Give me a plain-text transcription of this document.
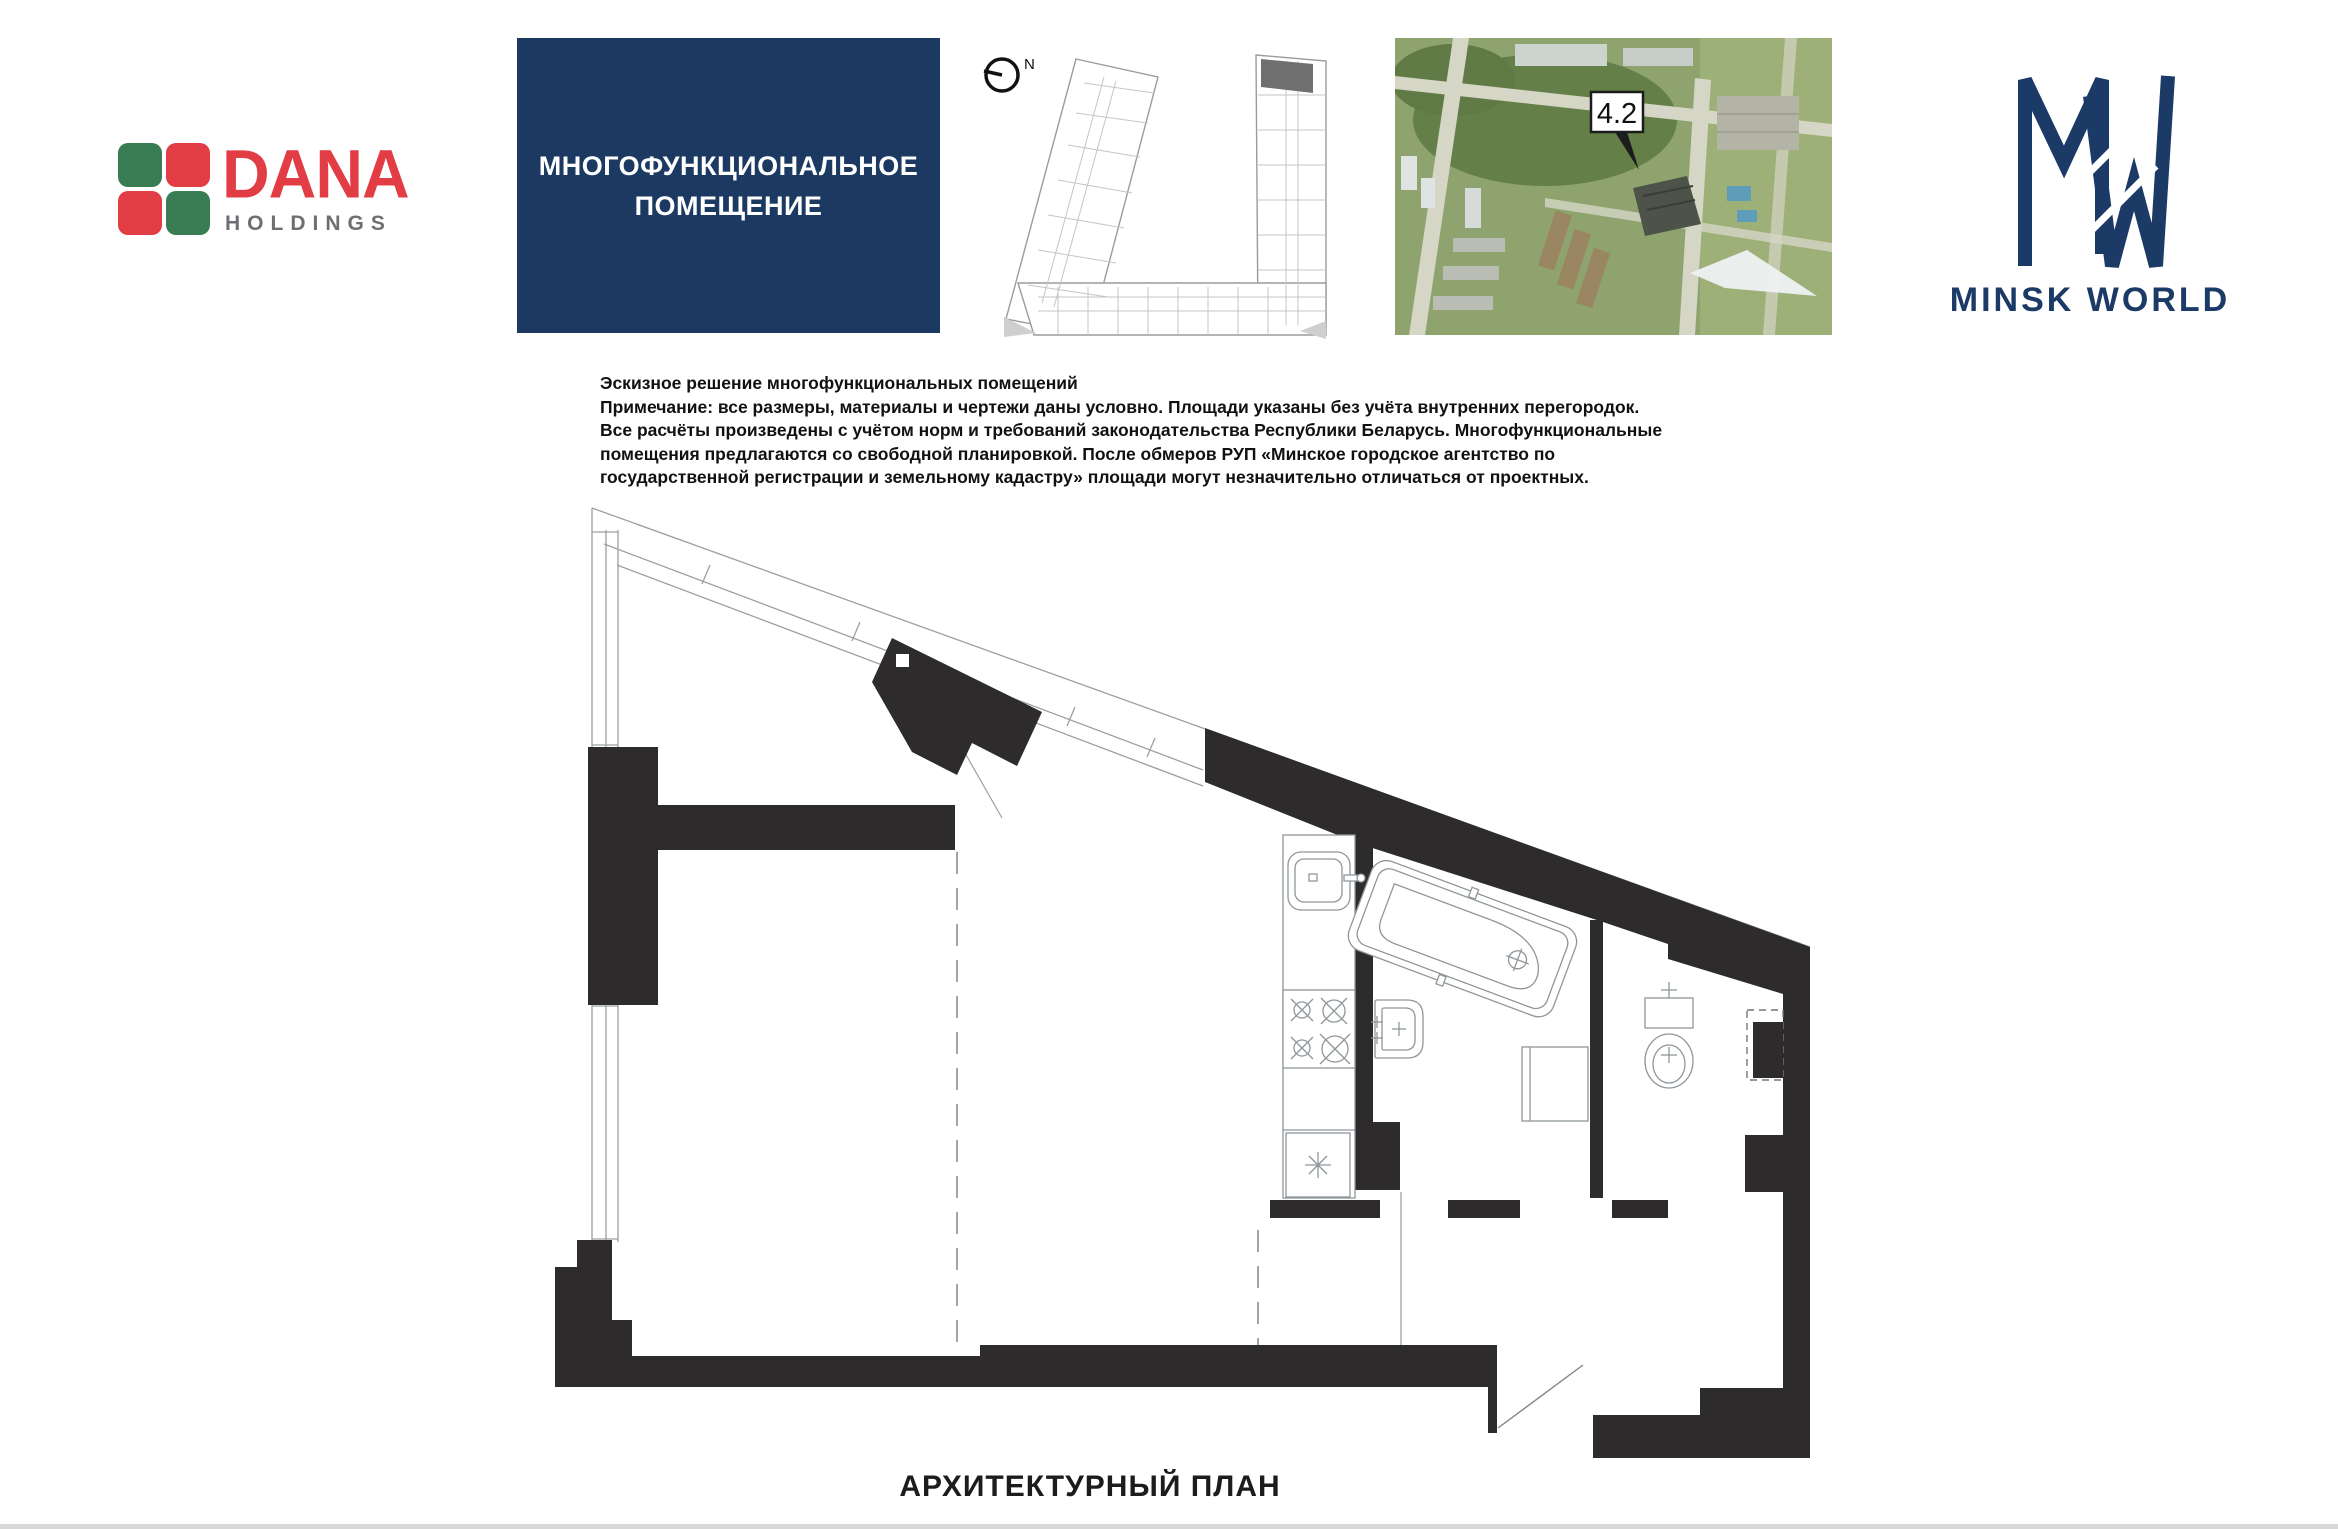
DANA
HOLDINGS
МНОГОФУНКЦИОНАЛЬНОЕ
ПОМЕЩЕНИЕ
N
4.2
MINSK WORLD
Эскизное решение многофункциональных помещений
Примечание: все размеры, материалы и чертежи даны условно. Площади указаны без учёта внутренних перегородок.
Все расчёты произведены с учётом норм и требований законодательства Республики Беларусь. Многофункциональные
помещения предлагаются со свободной планировкой. После обмеров РУП «Минское городское агентство по
государственной регистрации и земельному кадастру» площади могут незначительно отличаться от проектных.
АРХИТЕКТУРНЫЙ ПЛАН
